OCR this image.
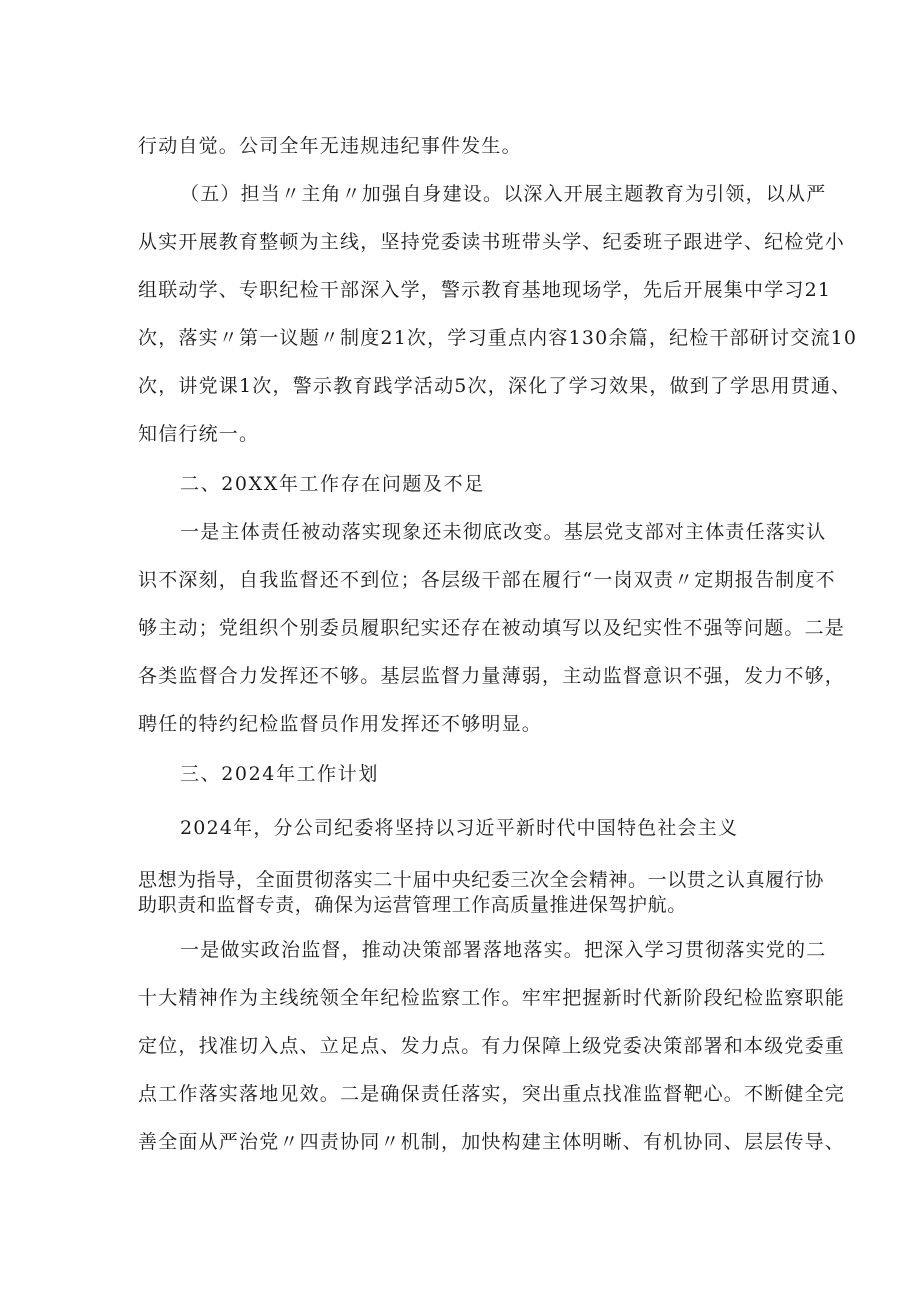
行动自觉。公司全年无违规违纪事件发生。
（五）担当〃主角〃加强自身建设。以深入开展主题教育为引领，以从严
从实开展教育整顿为主线，坚持党委读书班带头学、纪委班子跟进学、纪检党小
组联动学、专职纪检干部深入学，警示教育基地现场学，先后开展集中学习21
次，落实〃第一议题〃制度21次，学习重点内容130余篇，纪检干部研讨交流10
次，讲党课1次，警示教育践学活动5次，深化了学习效果，做到了学思用贯通、
知信行统一。
二、20XX年工作存在问题及不足
一是主体责任被动落实现象还未彻底改变。基层党支部对主体责任落实认
识不深刻，自我监督还不到位；各层级干部在履行“一岗双责〃定期报告制度不
够主动；党组织个别委员履职纪实还存在被动填写以及纪实性不强等问题。二是
各类监督合力发挥还不够。基层监督力量薄弱，主动监督意识不强，发力不够，
聘任的特约纪检监督员作用发挥还不够明显。
三、2024年工作计划
2024年，分公司纪委将坚持以习近平新时代中国特色社会主义
思想为指导，全面贯彻落实二十届中央纪委三次全会精神。一以贯之认真履行协
助职责和监督专责，确保为运营管理工作高质量推进保驾护航。
一是做实政治监督，推动决策部署落地落实。把深入学习贯彻落实党的二
十大精神作为主线统领全年纪检监察工作。牢牢把握新时代新阶段纪检监察职能
定位，找准切入点、立足点、发力点。有力保障上级党委决策部署和本级党委重
点工作落实落地见效。二是确保责任落实，突出重点找准监督靶心。不断健全完
善全面从严治党〃四责协同〃机制，加快构建主体明晰、有机协同、层层传导、
